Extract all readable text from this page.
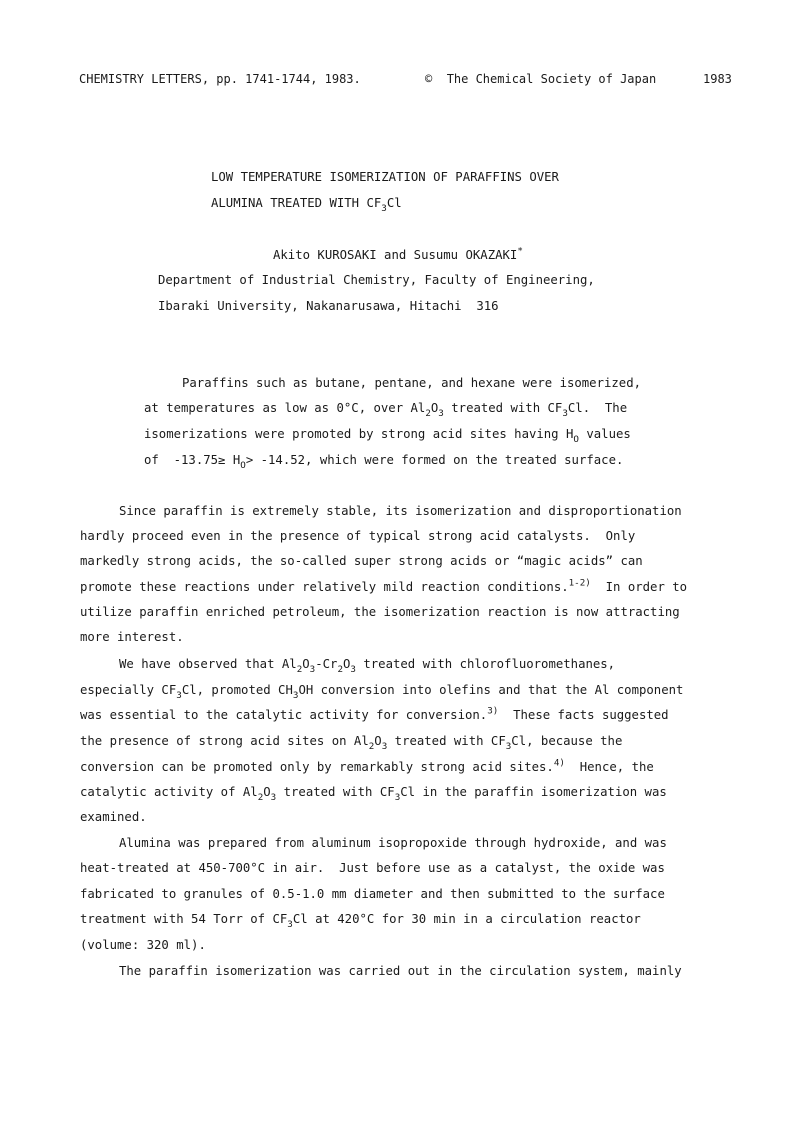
CHEMISTRY LETTERS, pp. 1741-1744, 1983.	© The Chemical Society of Japan	1983
LOW TEMPERATURE ISOMERIZATION OF PARAFFINS OVER
ALUMINA TREATED WITH $CF_3Cl$
Akito KUROSAKI and Susumu OKAZAKI*
Department of Industrial Chemistry, Faculty of Engineering,
Ibaraki University, Nakanarusawa, Hitachi  316
Paraffins such as butane, pentane, and hexane were isomerized,
at temperatures as low as 0°C, over $Al_2O_3$ treated with $CF_3Cl$.  The
isomerizations were promoted by strong acid sites having $H_O$ values
of  $-13.75\ge H_O> -14.52$, which were formed on the treated surface.
Since paraffin is extremely stable, its isomerization and disproportionation
hardly proceed even in the presence of typical strong acid catalysts.  Only
markedly strong acids, the so-called super strong acids or “magic acids” can
promote these reactions under relatively mild reaction conditions.$^{1-2)}$  In order to
utilize paraffin enriched petroleum, the isomerization reaction is now attracting
more interest.
We have observed that $Al_2O_3-Cr_2O_3$ treated with chlorofluoromethanes,
especially $CF_3Cl$, promoted $CH_3OH$ conversion into olefins and that the Al component
was essential to the catalytic activity for conversion.$^{3)}$  These facts suggested
the presence of strong acid sites on $Al_2O_3$ treated with $CF_3Cl$, because the
conversion can be promoted only by remarkably strong acid sites.$^{4)}$  Hence, the
catalytic activity of $Al_2O_3$ treated with $CF_3Cl$ in the paraffin isomerization was
examined.
Alumina was prepared from aluminum isopropoxide through hydroxide, and was
heat-treated at 450-700°C in air.  Just before use as a catalyst, the oxide was
fabricated to granules of 0.5-1.0 mm diameter and then submitted to the surface
treatment with 54 Torr of $CF_3Cl$ at 420°C for 30 min in a circulation reactor
(volume: 320 ml).
The paraffin isomerization was carried out in the circulation system, mainly
